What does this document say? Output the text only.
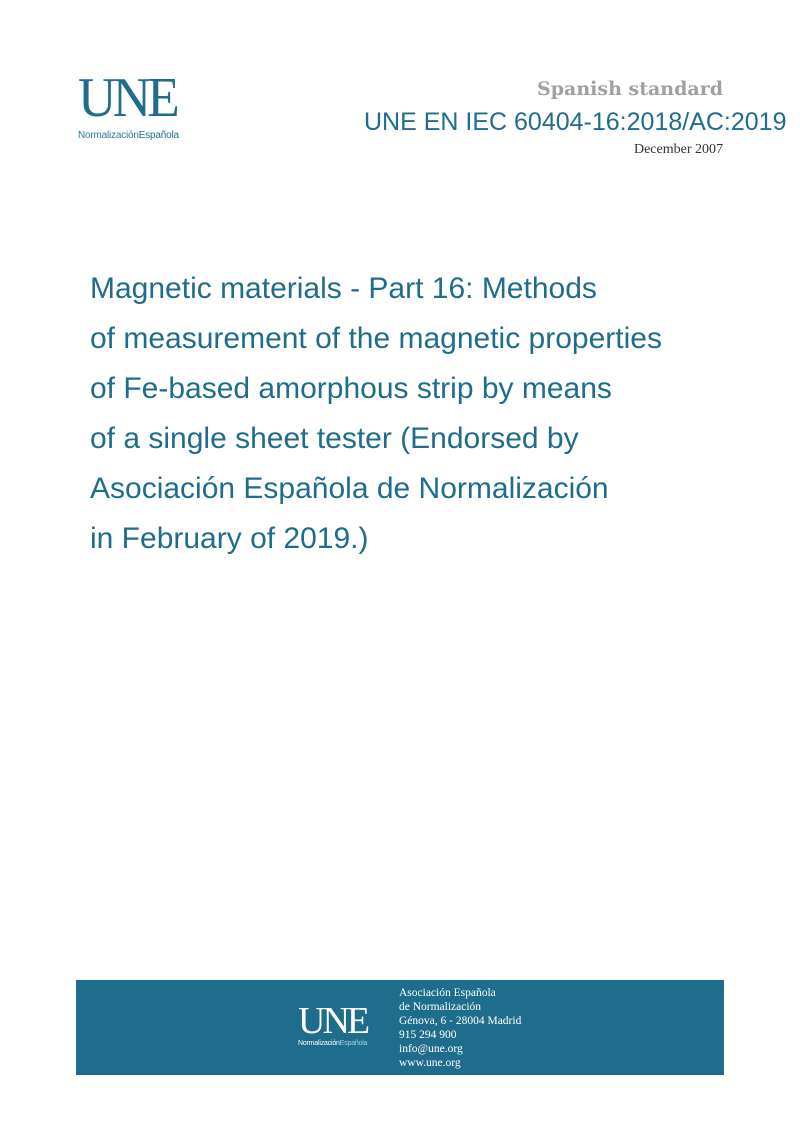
UNE
NormalizaciónEspañola
Spanish standard
UNE EN IEC 60404-16:2018/AC:2019
December 2007
Magnetic materials - Part 16: Methods
of measurement of the magnetic properties
of Fe-based amorphous strip by means
of a single sheet tester (Endorsed by
Asociación Española de Normalización
in February of 2019.)
UNE
NormalizaciónEspañola
Asociación Española
de Normalización
Génova, 6 - 28004 Madrid
915 294 900
info@une.org
www.une.org
